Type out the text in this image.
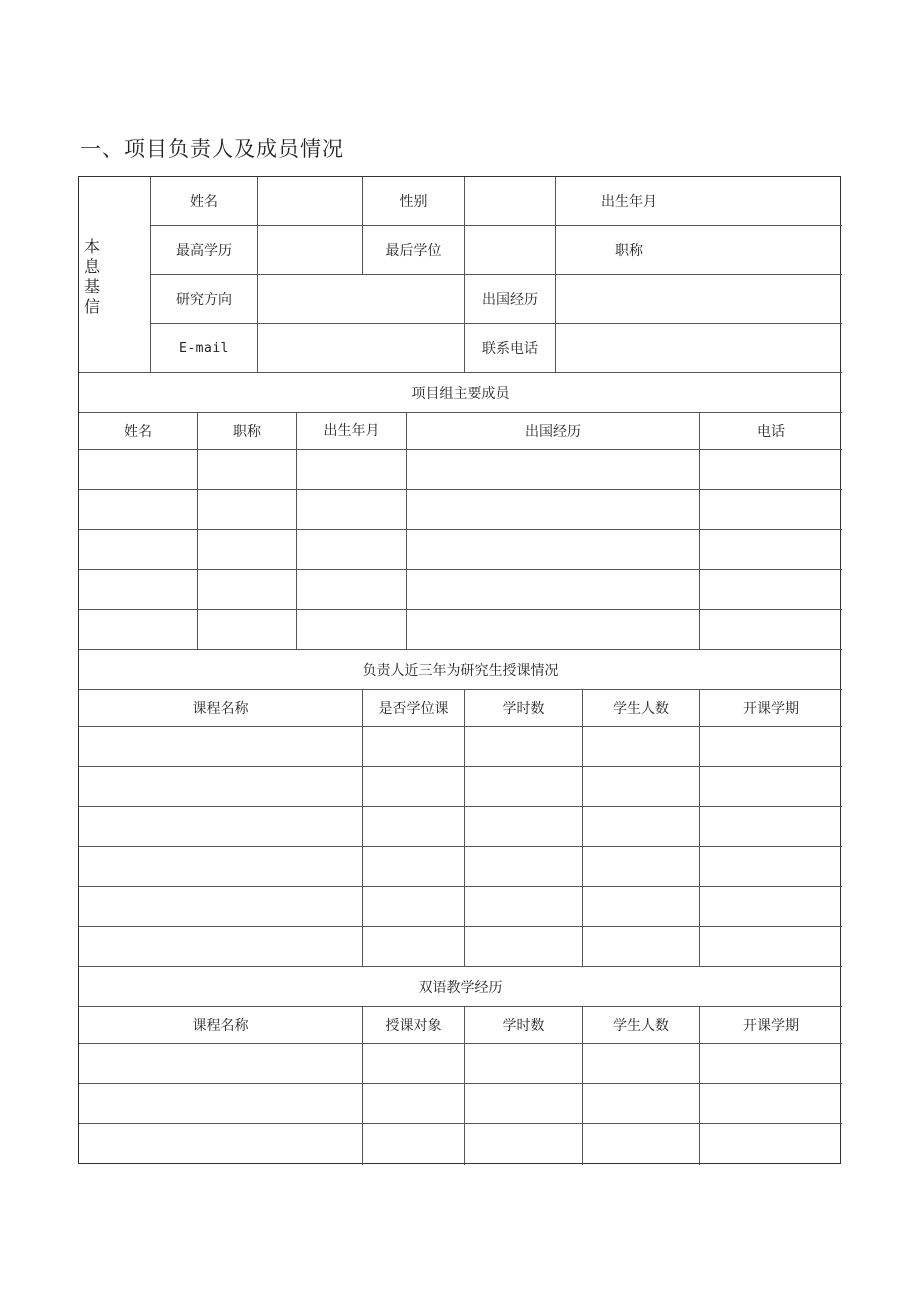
一、项目负责人及成员情况
本
息
基
信
姓名	性别	出生年月
最高学历	最后学位	职称
研究方向	出国经历
E-mail	联系电话
项目组主要成员
姓名	职称	出生年月	出国经历	电话
负责人近三年为研究生授课情况
课程名称	是否学位课	学时数	学生人数	开课学期
双语教学经历
课程名称	授课对象	学时数	学生人数	开课学期
